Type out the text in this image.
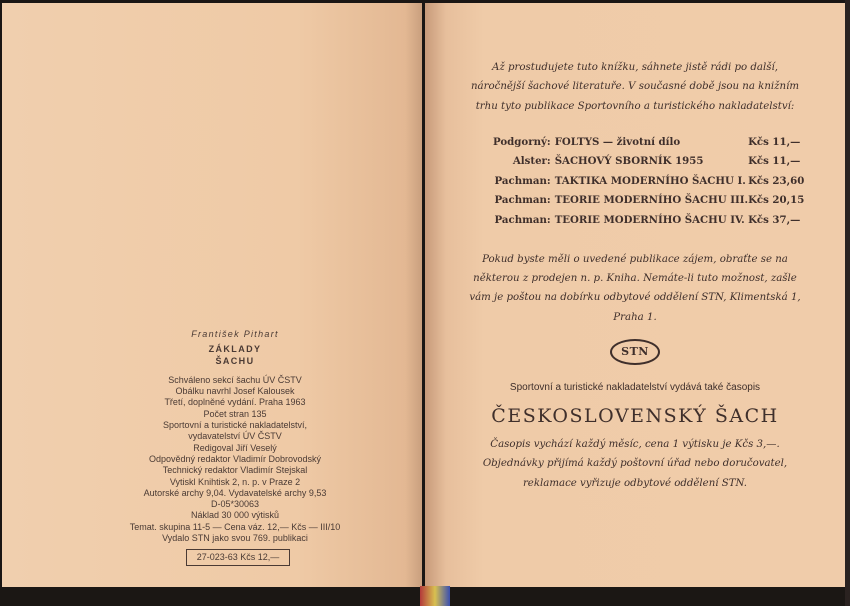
František Pithart
ZÁKLADY
ŠACHU
Schváleno sekcí šachu ÚV ČSTV
Obálku navrhl Josef Kalousek
Třetí, doplněné vydání. Praha 1963
Počet stran 135
Sportovní a turistické nakladatelství,
vydavatelství ÚV ČSTV
Redigoval Jiří Veselý
Odpovědný redaktor Vladimír Dobrovodský
Technický redaktor Vladimír Stejskal
Vytiskl Knihtisk 2, n. p. v Praze 2
Autorské archy 9,04. Vydavatelské archy 9,53
D-05*30063
Náklad 30 000 výtisků
Temat. skupina 11-5 — Cena váz. 12,— Kčs — III/10
Vydalo STN jako svou 769. publikaci
27-023-63 Kčs 12,—
Až prostudujete tuto knížku, sáhnete jistě rádi po další, náročnější šachové literatuře. V současné době jsou na knižním trhu tyto publikace Sportovního a turistického nakladatelství:
Podgorný:	FOLTYS — životní dílo	Kčs 11,—
Alster:	ŠACHOVÝ SBORNÍK 1955	Kčs 11,—
Pachman:	TAKTIKA MODERNÍHO ŠACHU I.	Kčs 23,60
Pachman:	TEORIE MODERNÍHO ŠACHU III.	Kčs 20,15
Pachman:	TEORIE MODERNÍHO ŠACHU IV.	Kčs 37,—
Pokud byste měli o uvedené publikace zájem, obraťte se na některou z prodejen n. p. Kniha. Nemáte-li tuto možnost, zašle vám je poštou na dobírku odbytové oddělení STN, Klimentská 1, Praha 1.
STN
Sportovní a turistické nakladatelství vydává také časopis
ČESKOSLOVENSKÝ ŠACH
Časopis vychází každý měsíc, cena 1 výtisku je Kčs 3,—. Objednávky přijímá každý poštovní úřad nebo doručovatel, reklamace vyřizuje odbytové oddělení STN.
